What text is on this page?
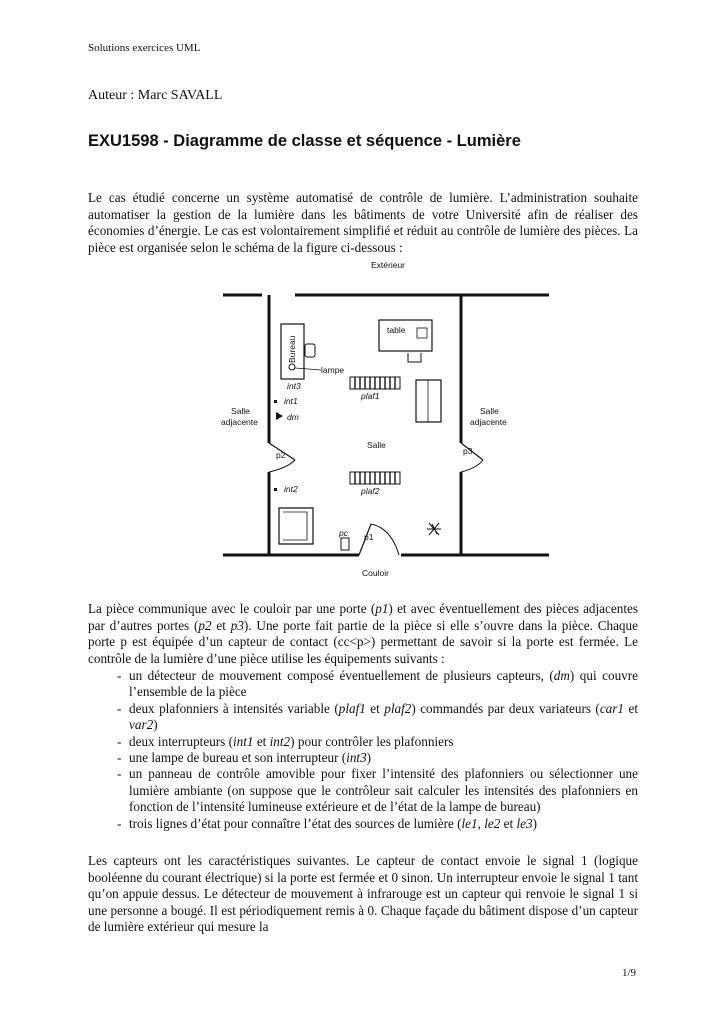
Solutions exercices UML
Auteur : Marc SAVALL
EXU1598 - Diagramme de classe et séquence - Lumière

Le cas étudié concerne un système automatisé de contrôle de lumière. L’administration souhaite automatiser la gestion de la lumière dans les bâtiments de votre Université afin de réaliser des économies d’énergie. Le cas est volontairement simplifié et réduit au contrôle de lumière des pièces. La pièce est organisée selon le schéma de la figure ci-dessous :

Extérieur
Couloir
Salle
Salle
adjacente
Salle
adjacente
table
Bureau
lampe
int3
int1
dm
int2
plaf1
plaf2
p1
p2	p3
pc

La pièce communique avec le couloir par une porte (p1) et avec éventuellement des pièces adjacentes par d’autres portes (p2 et p3). Une porte fait partie de la pièce si elle s’ouvre dans la pièce. Chaque porte p est équipée d’un capteur de contact (cc<p>) permettant de savoir si la porte est fermée. Le contrôle de la lumière d’une pièce utilise les équipements suivants :

- un détecteur de mouvement composé éventuellement de plusieurs capteurs, (dm) qui couvre l’ensemble de la pièce
- deux plafonniers à intensités variable (plaf1 et plaf2) commandés par deux variateurs (car1 et var2)
- deux interrupteurs (int1 et int2) pour contrôler les plafonniers
- une lampe de bureau et son interrupteur (int3)
- un panneau de contrôle amovible pour fixer l’intensité des plafonniers ou sélectionner une lumière ambiante (on suppose que le contrôleur sait calculer les intensités des plafonniers en fonction de l’intensité lumineuse extérieure et de l’état de la lampe de bureau)
- trois lignes d’état pour connaître l’état des sources de lumière (le1, le2 et le3)

Les capteurs ont les caractéristiques suivantes. Le capteur de contact envoie le signal 1 (logique booléenne du courant électrique) si la porte est fermée et 0 sinon. Un interrupteur envoie le signal 1 tant qu’on appuie dessus. Le détecteur de mouvement à infrarouge est un capteur qui renvoie le signal 1 si une personne a bougé. Il est périodiquement remis à 0. Chaque façade du bâtiment dispose d’un capteur de lumière extérieur qui mesure la

1/9
